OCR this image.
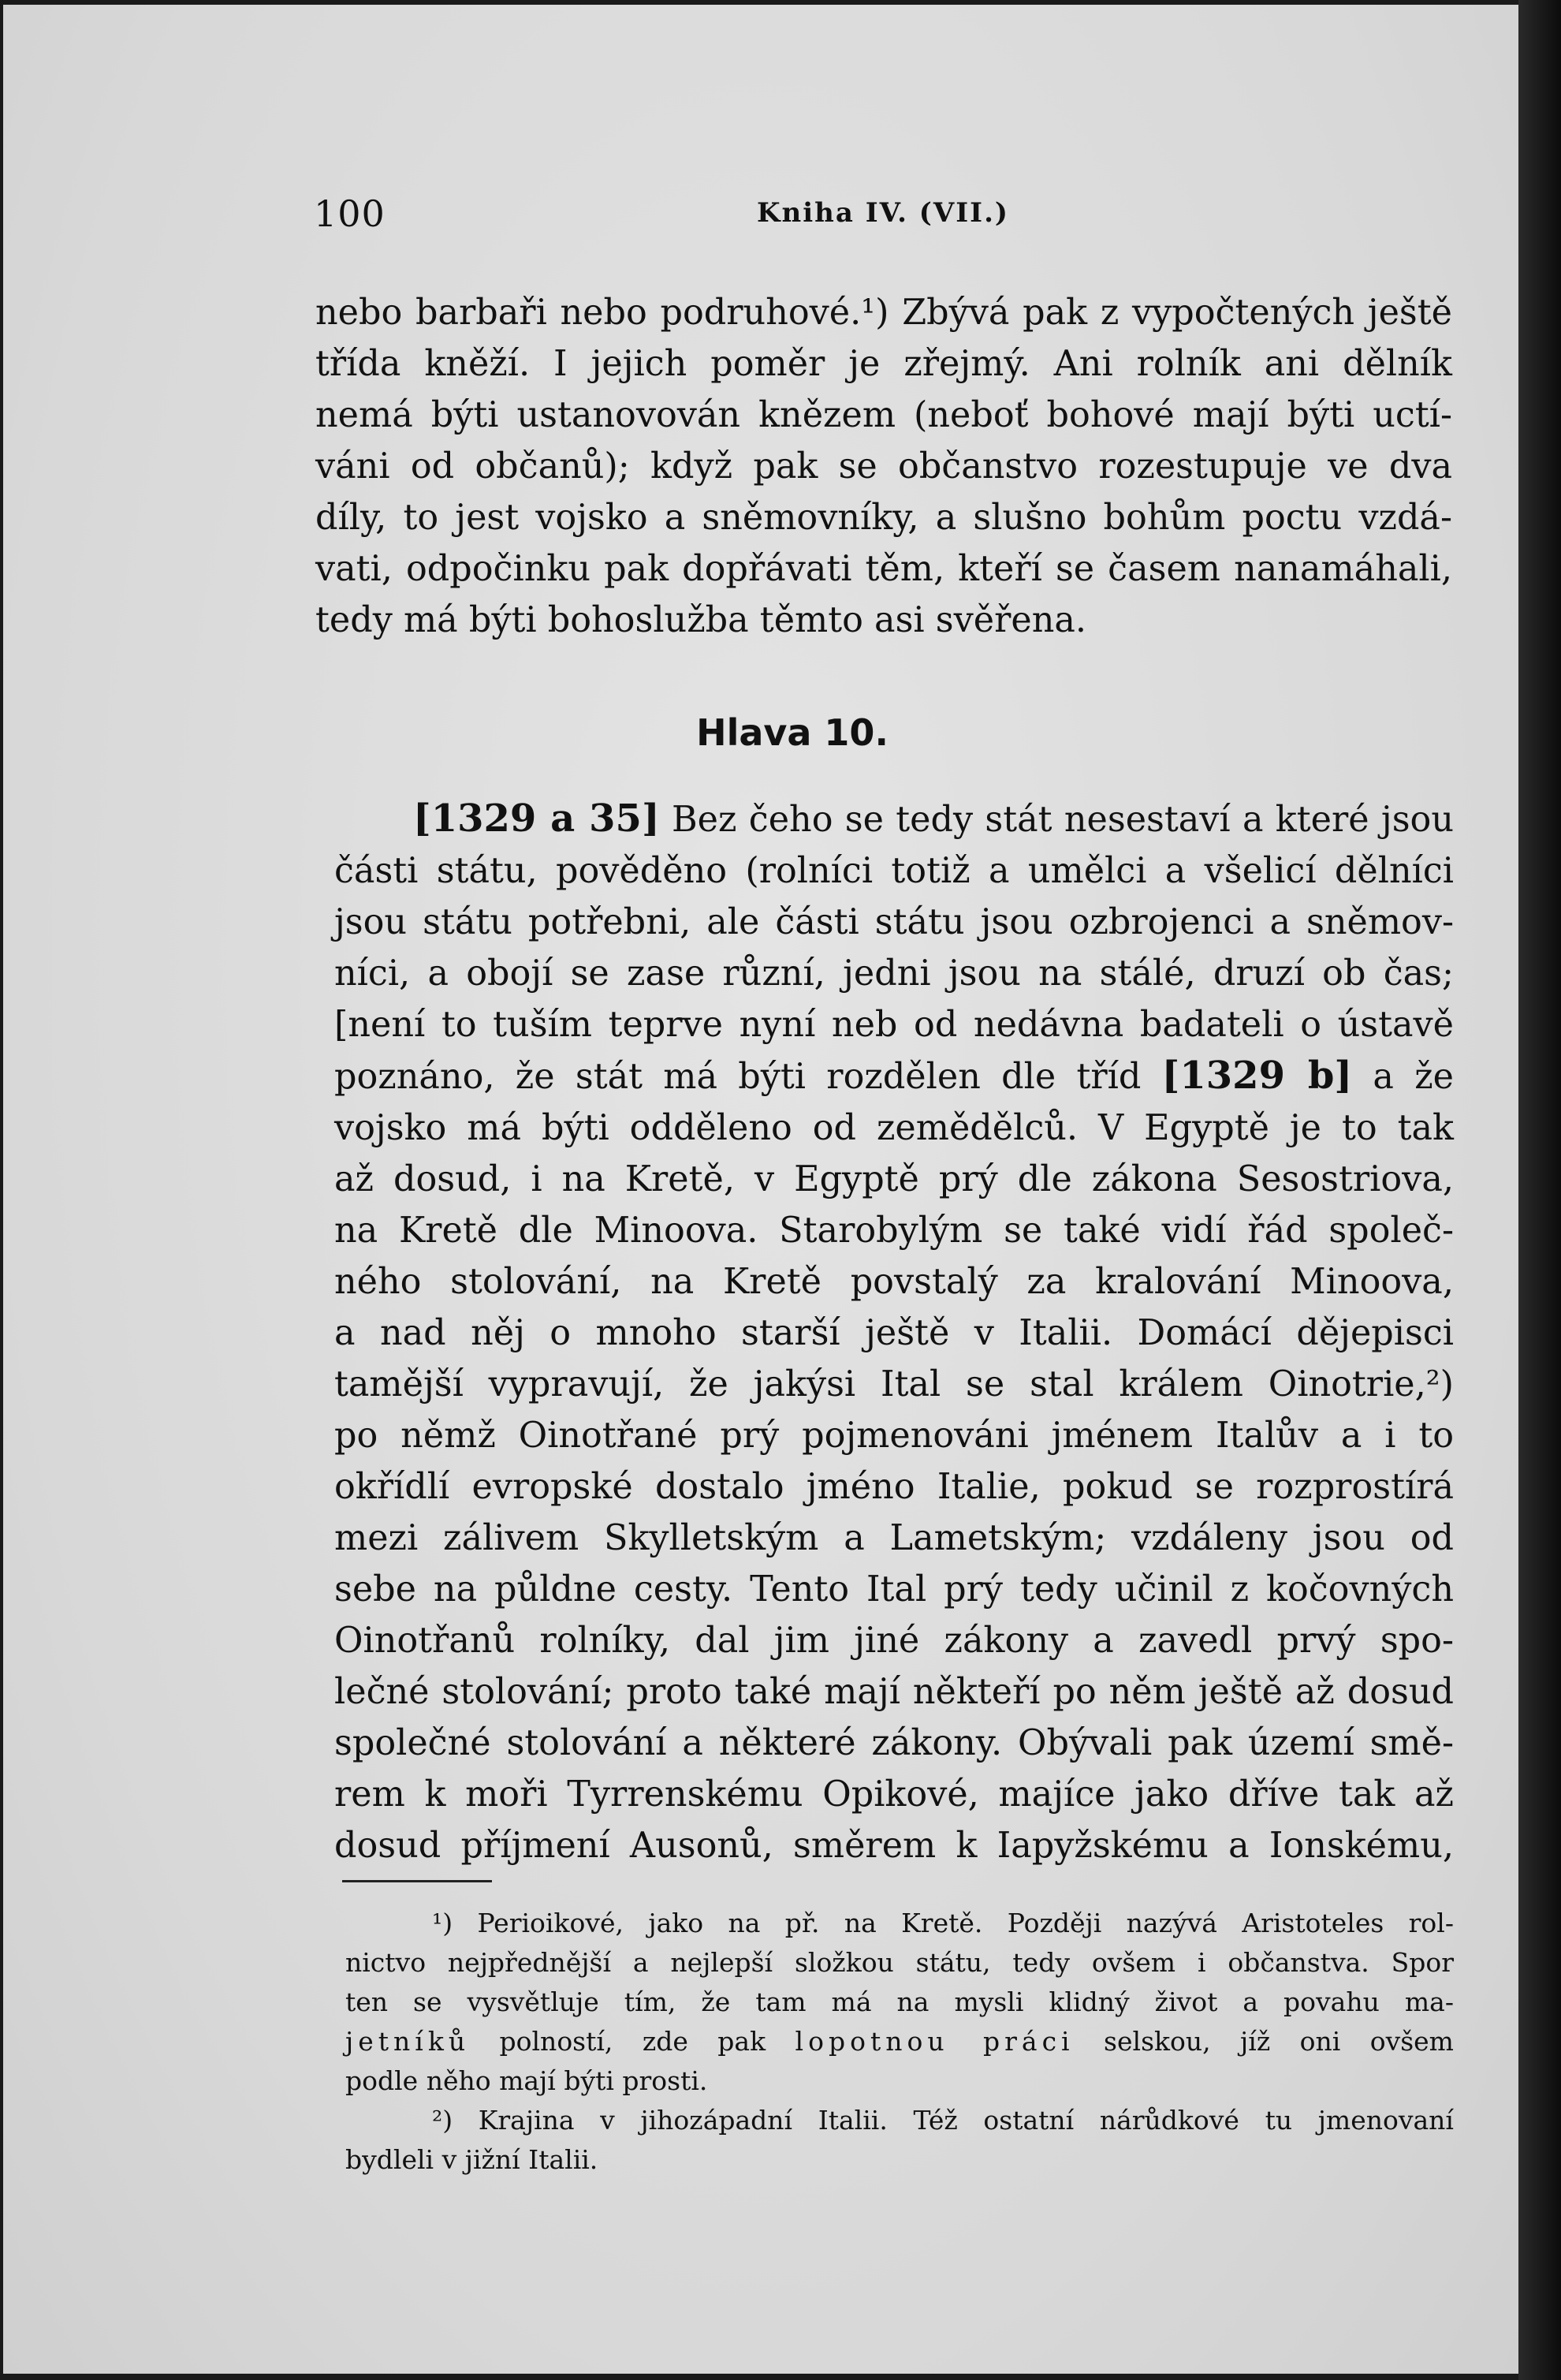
100	Kniha IV. (VII.)
nebo barbaři nebo podruhové.¹) Zbývá pak z vypočtených ještě
třída kněží. I jejich poměr je zřejmý. Ani rolník ani dělník
nemá býti ustanovován knězem (neboť bohové mají býti uctí-
váni od občanů); když pak se občanstvo rozestupuje ve dva
díly, to jest vojsko a sněmovníky, a slušno bohům poctu vzdá-
vati, odpočinku pak dopřávati těm, kteří se časem nanamáhali,
tedy má býti bohoslužba těmto asi svěřena.
Hlava 10.
[1329 a 35] Bez čeho se tedy stát nesestaví a které jsou
části státu, pověděno (rolníci totiž a umělci a všelicí dělníci
jsou státu potřebni, ale části státu jsou ozbrojenci a sněmov-
níci, a obojí se zase různí, jedni jsou na stálé, druzí ob čas;
[není to tuším teprve nyní neb od nedávna badateli o ústavě
poznáno, že stát má býti rozdělen dle tříd [1329 b] a že
vojsko má býti odděleno od zemědělců. V Egyptě je to tak
až dosud, i na Kretě, v Egyptě prý dle zákona Sesostriova,
na Kretě dle Minoova. Starobylým se také vidí řád společ-
ného stolování, na Kretě povstalý za kralování Minoova,
a nad něj o mnoho starší ještě v Italii. Domácí dějepisci
tamější vypravují, že jakýsi Ital se stal králem Oinotrie,²)
po němž Oinotřané prý pojmenováni jménem Italův a i to
okřídlí evropské dostalo jméno Italie, pokud se rozprostírá
mezi zálivem Skylletským a Lametským; vzdáleny jsou od
sebe na půldne cesty. Tento Ital prý tedy učinil z kočovných
Oinotřanů rolníky, dal jim jiné zákony a zavedl prvý spo-
lečné stolování; proto také mají někteří po něm ještě až dosud
společné stolování a některé zákony. Obývali pak území smě-
rem k moři Tyrrenskému Opikové, majíce jako dříve tak až
dosud příjmení Ausonů, směrem k Iapyžskému a Ionskému,
¹) Perioikové, jako na př. na Kretě. Později nazývá Aristoteles rol-
nictvo nejpřednější a nejlepší složkou státu, tedy ovšem i občanstva. Spor
ten se vysvětluje tím, že tam má na mysli klidný život a povahu ma-
jetníků polností, zde pak lopotnou práci selskou, jíž oni ovšem
podle něho mají býti prosti.
²) Krajina v jihozápadní Italii. Též ostatní nárůdkové tu jmenovaní
bydleli v jižní Italii.
